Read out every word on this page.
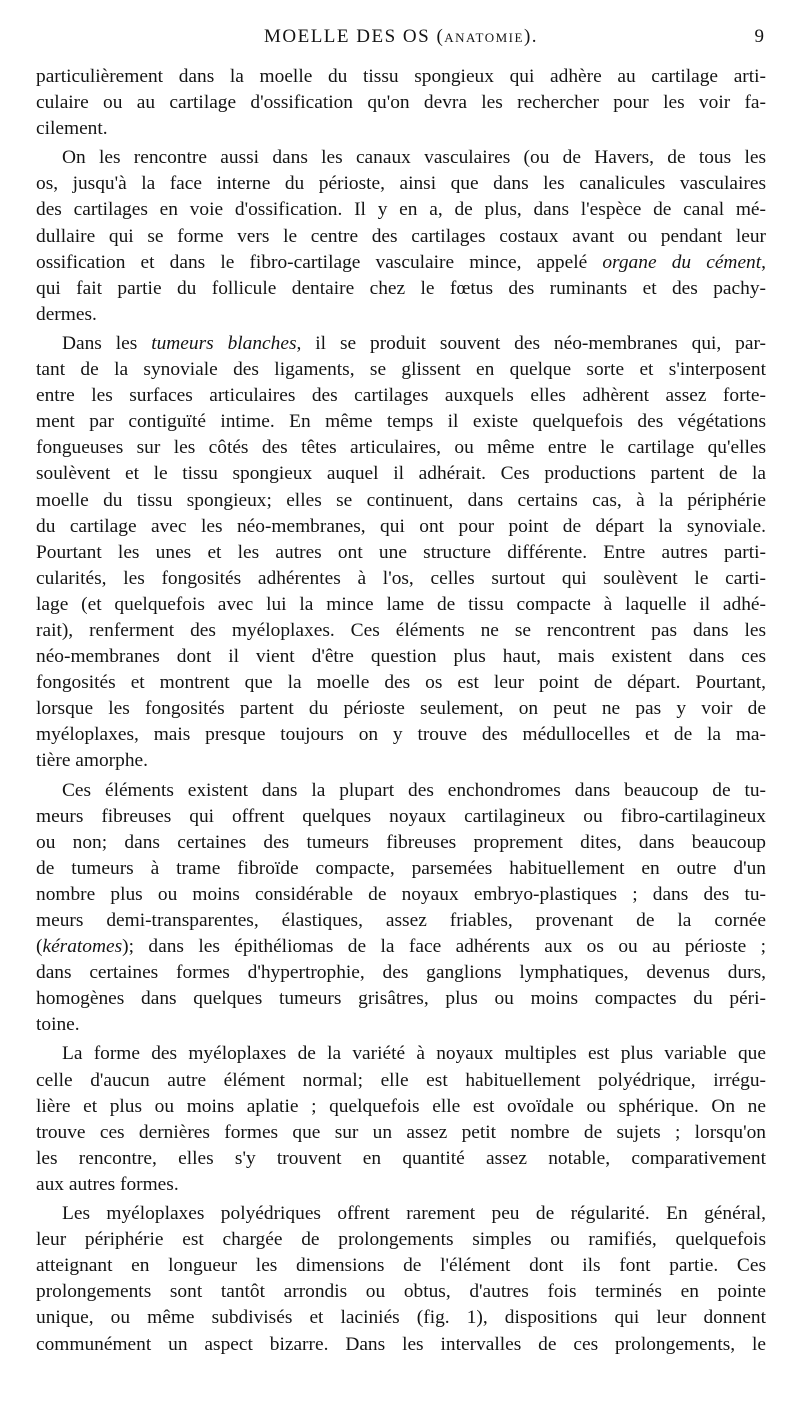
MOELLE DES OS (ANATOMIE).	9

particulièrement dans la moelle du tissu spongieux qui adhère au cartilage arti-
culaire ou au cartilage d'ossification qu'on devra les rechercher pour les voir fa-
cilement.

On les rencontre aussi dans les canaux vasculaires (ou de Havers, de tous les
os, jusqu'à la face interne du périoste, ainsi que dans les canalicules vasculaires
des cartilages en voie d'ossification. Il y en a, de plus, dans l'espèce de canal mé-
dullaire qui se forme vers le centre des cartilages costaux avant ou pendant leur
ossification et dans le fibro-cartilage vasculaire mince, appelé organe du cément,
qui fait partie du follicule dentaire chez le fœtus des ruminants et des pachy-
dermes.

Dans les tumeurs blanches, il se produit souvent des néo-membranes qui, par-
tant de la synoviale des ligaments, se glissent en quelque sorte et s'interposent
entre les surfaces articulaires des cartilages auxquels elles adhèrent assez forte-
ment par contiguïté intime. En même temps il existe quelquefois des végétations
fongueuses sur les côtés des têtes articulaires, ou même entre le cartilage qu'elles
soulèvent et le tissu spongieux auquel il adhérait. Ces productions partent de la
moelle du tissu spongieux; elles se continuent, dans certains cas, à la périphérie
du cartilage avec les néo-membranes, qui ont pour point de départ la synoviale.
Pourtant les unes et les autres ont une structure différente. Entre autres parti-
cularités, les fongosités adhérentes à l'os, celles surtout qui soulèvent le carti-
lage (et quelquefois avec lui la mince lame de tissu compacte à laquelle il adhé-
rait), renferment des myéloplaxes. Ces éléments ne se rencontrent pas dans les
néo-membranes dont il vient d'être question plus haut, mais existent dans ces
fongosités et montrent que la moelle des os est leur point de départ. Pourtant,
lorsque les fongosités partent du périoste seulement, on peut ne pas y voir de
myéloplaxes, mais presque toujours on y trouve des médullocelles et de la ma-
tière amorphe.

Ces éléments existent dans la plupart des enchondromes dans beaucoup de tu-
meurs fibreuses qui offrent quelques noyaux cartilagineux ou fibro-cartilagineux
ou non; dans certaines des tumeurs fibreuses proprement dites, dans beaucoup
de tumeurs à trame fibroïde compacte, parsemées habituellement en outre d'un
nombre plus ou moins considérable de noyaux embryo-plastiques ; dans des tu-
meurs demi-transparentes, élastiques, assez friables, provenant de la cornée
(kératomes); dans les épithéliomas de la face adhérents aux os ou au périoste ;
dans certaines formes d'hypertrophie, des ganglions lymphatiques, devenus durs,
homogènes dans quelques tumeurs grisâtres, plus ou moins compactes du péri-
toine.

La forme des myéloplaxes de la variété à noyaux multiples est plus variable que
celle d'aucun autre élément normal; elle est habituellement polyédrique, irrégu-
lière et plus ou moins aplatie ; quelquefois elle est ovoïdale ou sphérique. On ne
trouve ces dernières formes que sur un assez petit nombre de sujets ; lorsqu'on
les rencontre, elles s'y trouvent en quantité assez notable, comparativement
aux autres formes.

Les myéloplaxes polyédriques offrent rarement peu de régularité. En général,
leur périphérie est chargée de prolongements simples ou ramifiés, quelquefois
atteignant en longueur les dimensions de l'élément dont ils font partie. Ces
prolongements sont tantôt arrondis ou obtus, d'autres fois terminés en pointe
unique, ou même subdivisés et laciniés (fig. 1), dispositions qui leur donnent
communément un aspect bizarre. Dans les intervalles de ces prolongements, le
